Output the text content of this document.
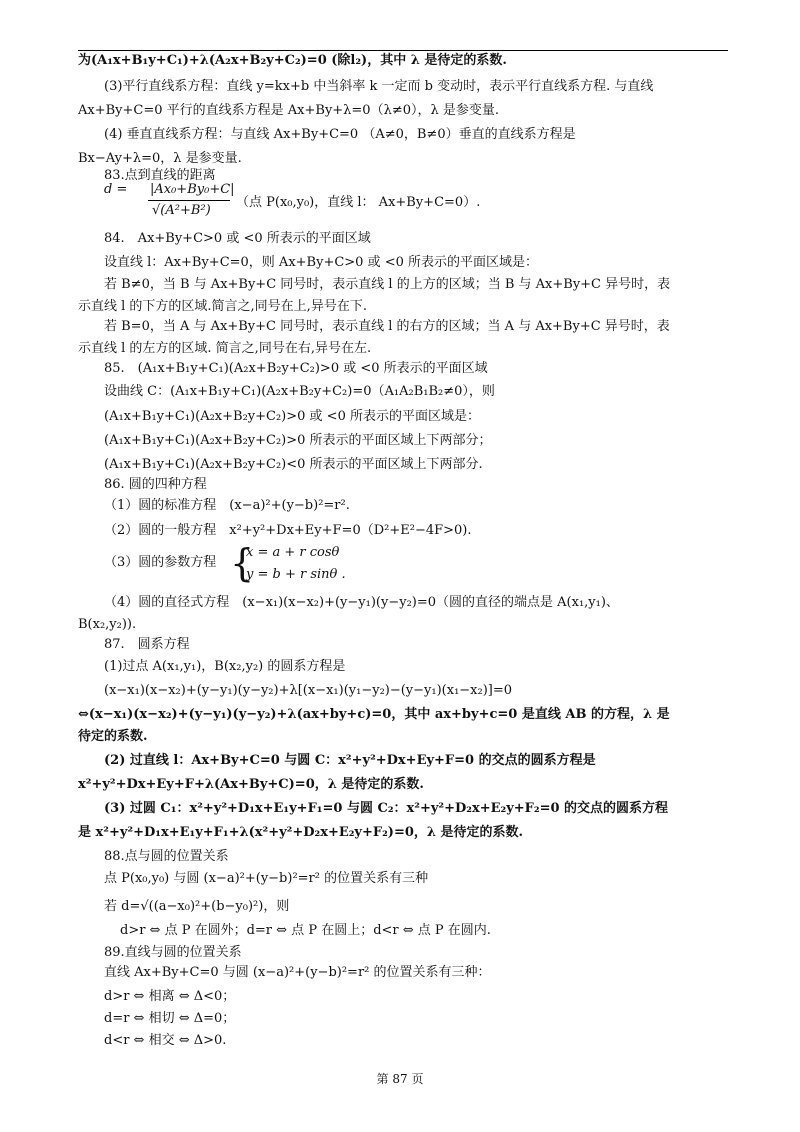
为(A₁x+B₁y+C₁)+λ(A₂x+B₂y+C₂)=0 (除l₂)，其中 λ 是待定的系数.
(3)平行直线系方程：直线 y=kx+b 中当斜率 k 一定而 b 变动时，表示平行直线系方程. 与直线
Ax+By+C=0 平行的直线系方程是 Ax+By+λ=0（λ≠0），λ 是参变量.
(4) 垂直直线系方程：与直线 Ax+By+C=0 （A≠0，B≠0）垂直的直线系方程是
Bx−Ay+λ=0，λ 是参变量.
83.点到直线的距离
d = |Ax₀+By₀+C|
√(A²+B²)
（点 P(x₀,y₀)，直线 l： Ax+By+C=0）.
84.　Ax+By+C>0 或 <0 所表示的平面区域
设直线 l：Ax+By+C=0，则 Ax+By+C>0 或 <0 所表示的平面区域是：
若 B≠0，当 B 与 Ax+By+C 同号时，表示直线 l 的上方的区域；当 B 与 Ax+By+C 异号时，表
示直线 l 的下方的区域.简言之,同号在上,异号在下.
若 B=0，当 A 与 Ax+By+C 同号时，表示直线 l 的右方的区域；当 A 与 Ax+By+C 异号时，表
示直线 l 的左方的区域. 简言之,同号在右,异号在左.
85.　(A₁x+B₁y+C₁)(A₂x+B₂y+C₂)>0 或 <0 所表示的平面区域
设曲线 C：(A₁x+B₁y+C₁)(A₂x+B₂y+C₂)=0（A₁A₂B₁B₂≠0），则
(A₁x+B₁y+C₁)(A₂x+B₂y+C₂)>0 或 <0 所表示的平面区域是：
(A₁x+B₁y+C₁)(A₂x+B₂y+C₂)>0 所表示的平面区域上下两部分；
(A₁x+B₁y+C₁)(A₂x+B₂y+C₂)<0 所表示的平面区域上下两部分.
86. 圆的四种方程
（1）圆的标准方程　(x−a)²+(y−b)²=r².
（2）圆的一般方程　x²+y²+Dx+Ey+F=0（D²+E²−4F>0).
（3）圆的参数方程 {
x = a + r cosθ
y = b + r sinθ .
（4）圆的直径式方程　(x−x₁)(x−x₂)+(y−y₁)(y−y₂)=0（圆的直径的端点是 A(x₁,y₁)、
B(x₂,y₂)).
87.　圆系方程
(1)过点 A(x₁,y₁)，B(x₂,y₂) 的圆系方程是
(x−x₁)(x−x₂)+(y−y₁)(y−y₂)+λ[(x−x₁)(y₁−y₂)−(y−y₁)(x₁−x₂)]=0
⇔(x−x₁)(x−x₂)+(y−y₁)(y−y₂)+λ(ax+by+c)=0，其中 ax+by+c=0 是直线 AB 的方程，λ 是
待定的系数.
(2) 过直线 l：Ax+By+C=0 与圆 C：x²+y²+Dx+Ey+F=0 的交点的圆系方程是
x²+y²+Dx+Ey+F+λ(Ax+By+C)=0，λ 是待定的系数.
(3) 过圆 C₁：x²+y²+D₁x+E₁y+F₁=0 与圆 C₂：x²+y²+D₂x+E₂y+F₂=0 的交点的圆系方程
是 x²+y²+D₁x+E₁y+F₁+λ(x²+y²+D₂x+E₂y+F₂)=0，λ 是待定的系数.
88.点与圆的位置关系
点 P(x₀,y₀) 与圆 (x−a)²+(y−b)²=r² 的位置关系有三种
若 d=√((a−x₀)²+(b−y₀)²)，则
d>r ⇔ 点 P 在圆外；d=r ⇔ 点 P 在圆上；d<r ⇔ 点 P 在圆内.
89.直线与圆的位置关系
直线 Ax+By+C=0 与圆 (x−a)²+(y−b)²=r² 的位置关系有三种：
d>r ⇔ 相离 ⇔ Δ<0；
d=r ⇔ 相切 ⇔ Δ=0；
d<r ⇔ 相交 ⇔ Δ>0.
第 87 页
